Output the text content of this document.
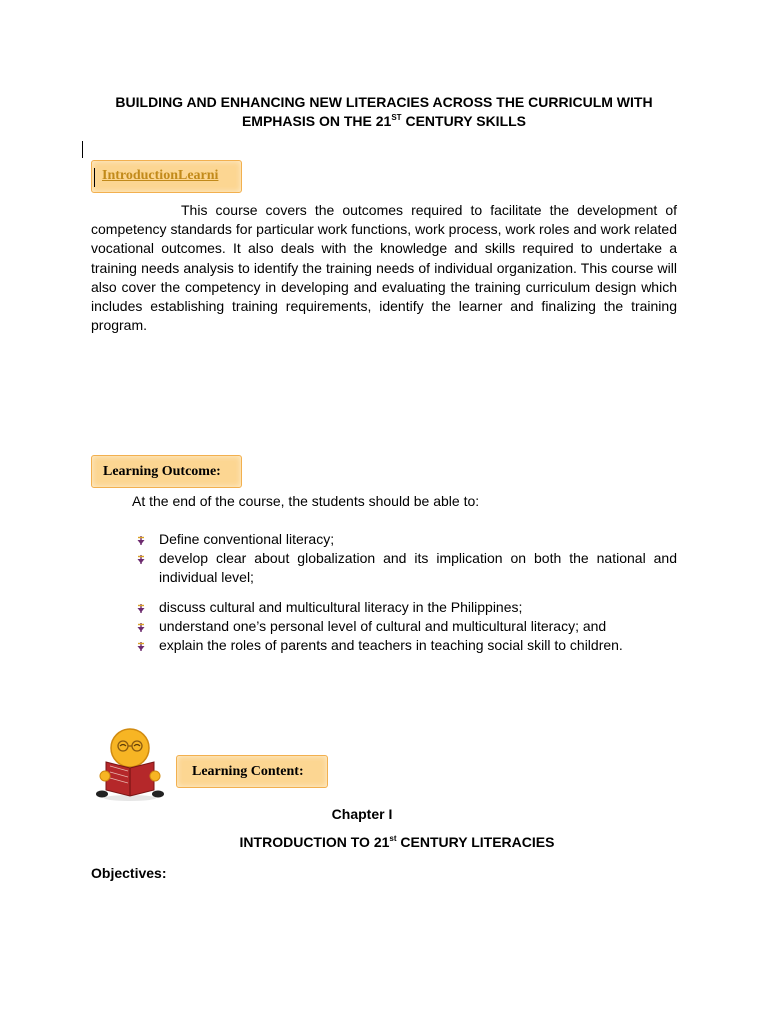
BUILDING AND ENHANCING NEW LITERACIES ACROSS THE CURRICULM WITH
EMPHASIS ON THE 21ST CENTURY SKILLS
IntroductionLearni

This course covers the outcomes required to facilitate the development of competency standards for particular work functions, work process, work roles and work related vocational outcomes. It also deals with the knowledge and skills required to undertake a training needs analysis to identify the training needs of individual organization. This course will also cover the competency in developing and evaluating the training curriculum design which includes establishing training requirements, identify the learner and finalizing the training program.

Learning Outcome:

At the end of the course, the students should be able to:

Define conventional literacy;
develop clear about globalization and its implication on both the national and individual level;
discuss cultural and multicultural literacy in the Philippines;
understand one’s personal level of cultural and multicultural literacy; and
explain the roles of parents and teachers in teaching social skill to children.
Learning Content:

Chapter I

INTRODUCTION TO 21st CENTURY LITERACIES

Objectives:
